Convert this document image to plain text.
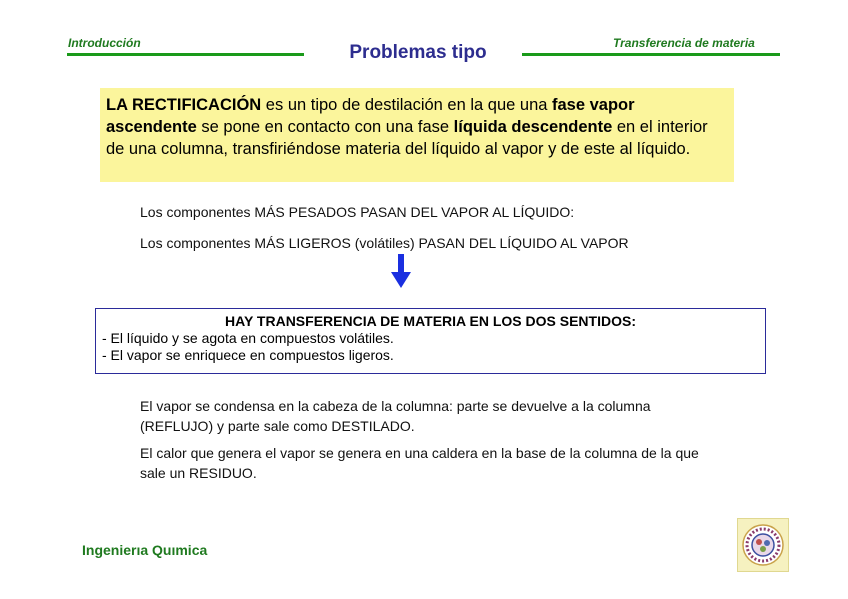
Introducción	Problemas tipo	Transferencia de materia
LA RECTIFICACIÓN es un tipo de destilación en la que una fase vapor ascendente se pone en contacto con una fase líquida descendente en el interior de una columna, transfiriéndose materia del líquido al vapor y de este al líquido.
Los componentes MÁS PESADOS PASAN DEL VAPOR AL LÍQUIDO:
Los componentes MÁS LIGEROS (volátiles) PASAN DEL LÍQUIDO AL VAPOR
HAY TRANSFERENCIA DE MATERIA EN LOS DOS SENTIDOS:
- El líquido y se agota en compuestos volátiles.
- El vapor se enriquece en compuestos ligeros.
El vapor se condensa en la cabeza de la columna: parte se devuelve a la columna (REFLUJO) y parte sale como DESTILADO.
El calor que genera el vapor se genera en una caldera en la base de la columna de la que sale un RESIDUO.
Ingenierıa Quımica
